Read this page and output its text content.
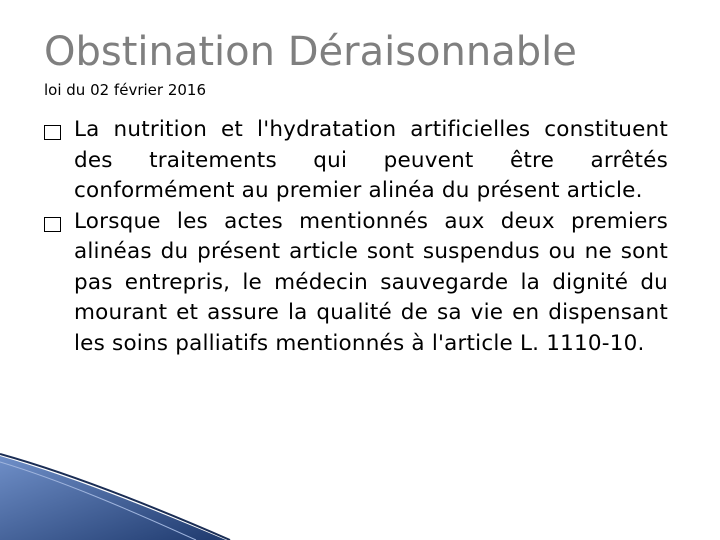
Obstination Déraisonnable
loi du 02 février 2016
La nutrition et l'hydratation artificielles constituent des traitements qui peuvent être arrêtés conformément au premier alinéa du présent article.
Lorsque les actes mentionnés aux deux premiers alinéas du présent article sont suspendus ou ne sont pas entrepris, le médecin sauvegarde la dignité du mourant et assure la qualité de sa vie en dispensant les soins palliatifs mentionnés à l'article L. 1110-10.
